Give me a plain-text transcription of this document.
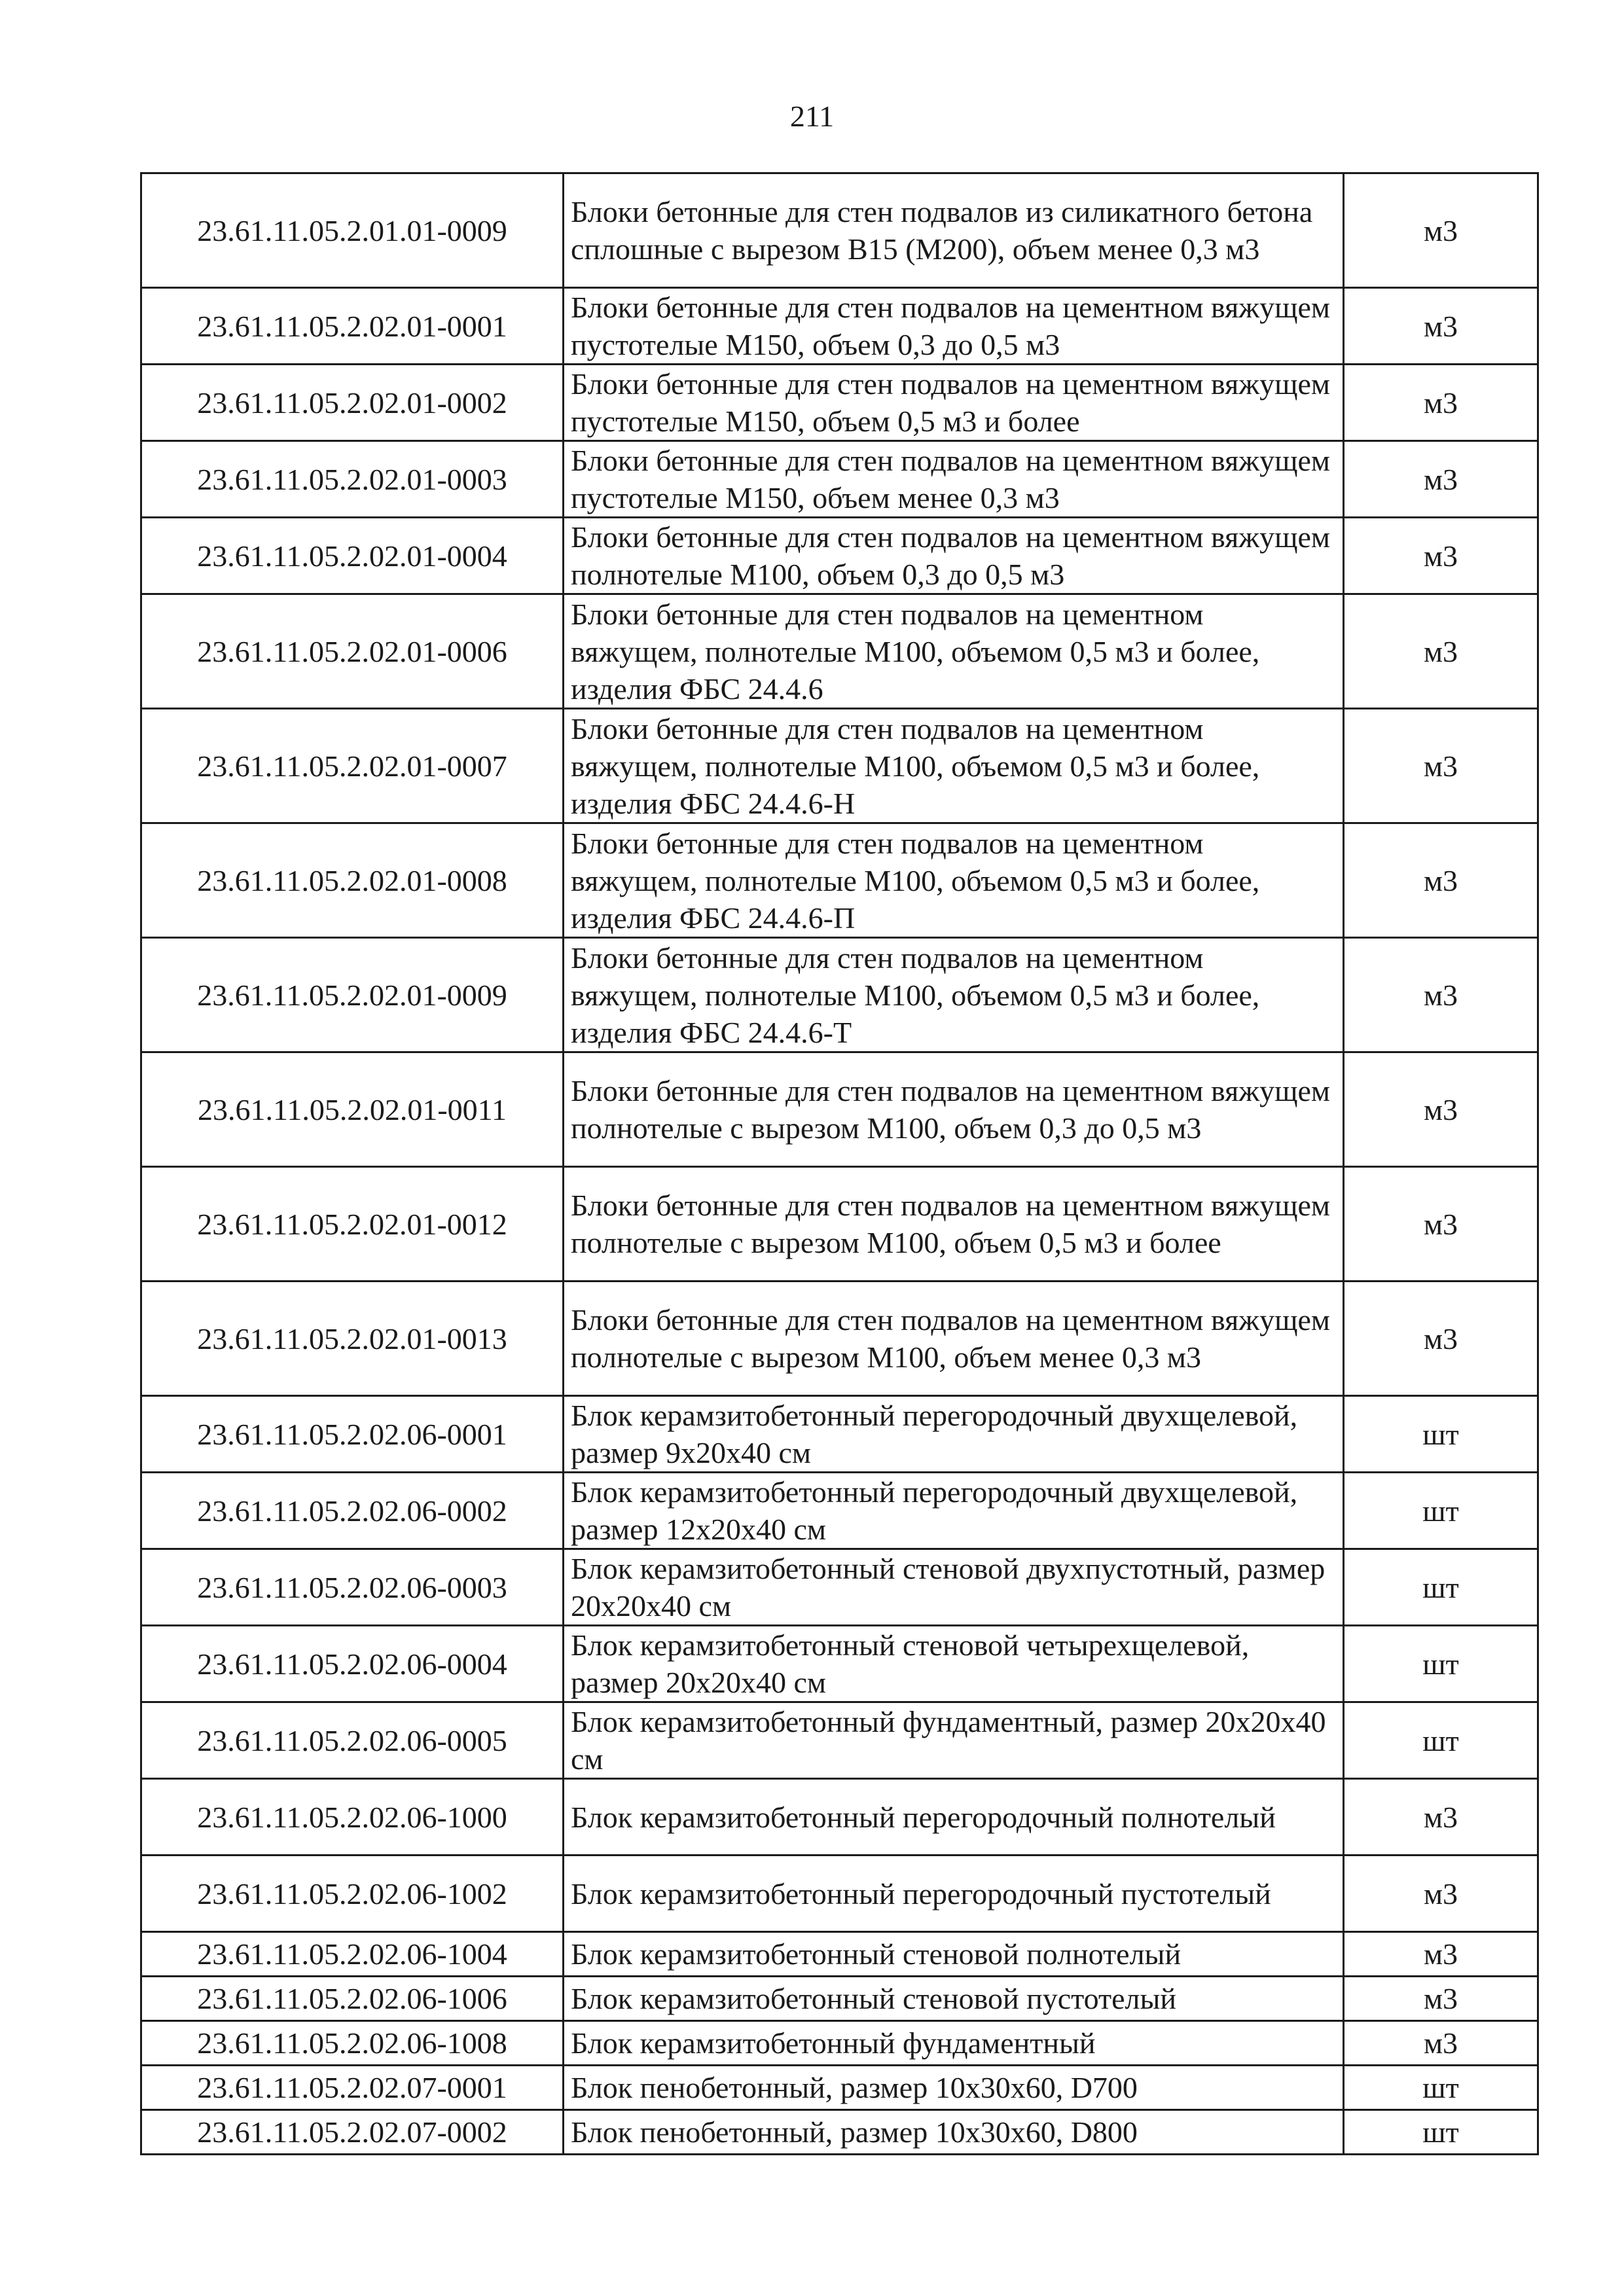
211
23.61.11.05.2.01.01-0009	Блоки бетонные для стен подвалов из силикатного бетона сплошные с вырезом В15 (М200), объем менее 0,3 м3	м3
23.61.11.05.2.02.01-0001	Блоки бетонные для стен подвалов на цементном вяжущем пустотелые М150, объем 0,3 до 0,5 м3	м3
23.61.11.05.2.02.01-0002	Блоки бетонные для стен подвалов на цементном вяжущем пустотелые М150, объем 0,5 м3 и более	м3
23.61.11.05.2.02.01-0003	Блоки бетонные для стен подвалов на цементном вяжущем пустотелые М150, объем менее 0,3 м3	м3
23.61.11.05.2.02.01-0004	Блоки бетонные для стен подвалов на цементном вяжущем полнотелые М100, объем 0,3 до 0,5 м3	м3
23.61.11.05.2.02.01-0006	Блоки бетонные для стен подвалов на цементном вяжущем, полнотелые М100, объемом 0,5 м3 и более, изделия ФБС 24.4.6	м3
23.61.11.05.2.02.01-0007	Блоки бетонные для стен подвалов на цементном вяжущем, полнотелые М100, объемом 0,5 м3 и более, изделия ФБС 24.4.6-Н	м3
23.61.11.05.2.02.01-0008	Блоки бетонные для стен подвалов на цементном вяжущем, полнотелые М100, объемом 0,5 м3 и более, изделия ФБС 24.4.6-П	м3
23.61.11.05.2.02.01-0009	Блоки бетонные для стен подвалов на цементном вяжущем, полнотелые М100, объемом 0,5 м3 и более, изделия ФБС 24.4.6-Т	м3
23.61.11.05.2.02.01-0011	Блоки бетонные для стен подвалов на цементном вяжущем полнотелые с вырезом М100, объем 0,3 до 0,5 м3	м3
23.61.11.05.2.02.01-0012	Блоки бетонные для стен подвалов на цементном вяжущем полнотелые с вырезом М100, объем 0,5 м3 и более	м3
23.61.11.05.2.02.01-0013	Блоки бетонные для стен подвалов на цементном вяжущем полнотелые с вырезом М100, объем менее 0,3 м3	м3
23.61.11.05.2.02.06-0001	Блок керамзитобетонный перегородочный двухщелевой, размер 9x20x40 см	шт
23.61.11.05.2.02.06-0002	Блок керамзитобетонный перегородочный двухщелевой, размер 12x20x40 см	шт
23.61.11.05.2.02.06-0003	Блок керамзитобетонный стеновой двухпустотный, размер 20x20x40 см	шт
23.61.11.05.2.02.06-0004	Блок керамзитобетонный стеновой четырехщелевой, размер 20x20x40 см	шт
23.61.11.05.2.02.06-0005	Блок керамзитобетонный фундаментный, размер 20x20x40 см	шт
23.61.11.05.2.02.06-1000	Блок керамзитобетонный перегородочный полнотелый	м3
23.61.11.05.2.02.06-1002	Блок керамзитобетонный перегородочный пустотелый	м3
23.61.11.05.2.02.06-1004	Блок керамзитобетонный стеновой полнотелый	м3
23.61.11.05.2.02.06-1006	Блок керамзитобетонный стеновой пустотелый	м3
23.61.11.05.2.02.06-1008	Блок керамзитобетонный фундаментный	м3
23.61.11.05.2.02.07-0001	Блок пенобетонный, размер 10x30x60, D700	шт
23.61.11.05.2.02.07-0002	Блок пенобетонный, размер 10x30x60, D800	шт
